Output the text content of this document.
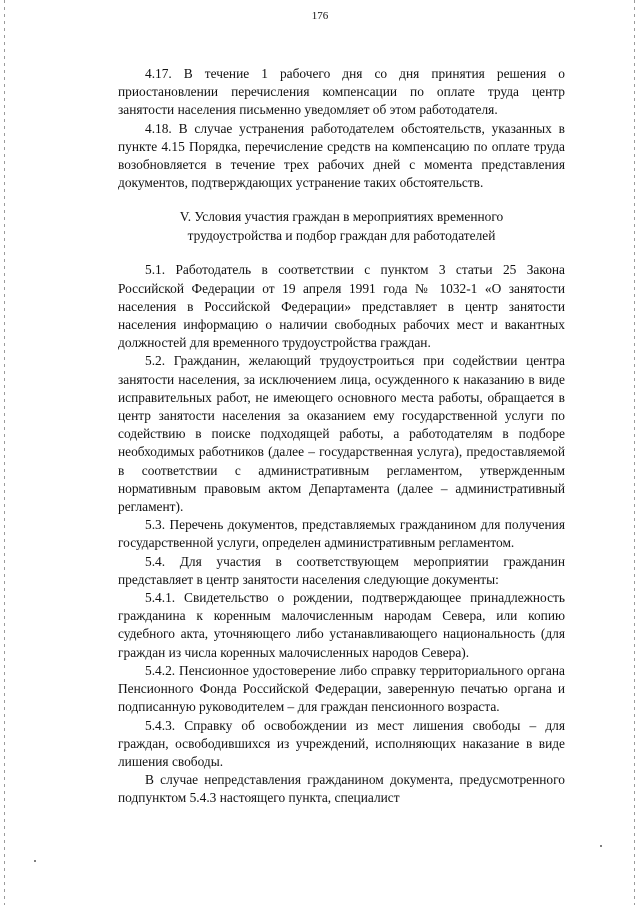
176

4.17. В течение 1 рабочего дня со дня принятия решения о приостановлении перечисления компенсации по оплате труда центр занятости населения письменно уведомляет об этом работодателя.

4.18. В случае устранения работодателем обстоятельств, указанных в пункте 4.15 Порядка, перечисление средств на компенсацию по оплате труда возобновляется в течение трех рабочих дней с момента представления документов, подтверждающих устранение таких обстоятельств.

V. Условия участия граждан в мероприятиях временного
трудоустройства и подбор граждан для работодателей

5.1. Работодатель в соответствии с пунктом 3 статьи 25 Закона Российской Федерации от 19 апреля 1991 года № 1032-1 «О занятости населения в Российской Федерации» представляет в центр занятости населения информацию о наличии свободных рабочих мест и вакантных должностей для временного трудоустройства граждан.

5.2. Гражданин, желающий трудоустроиться при содействии центра занятости населения, за исключением лица, осужденного к наказанию в виде исправительных работ, не имеющего основного места работы, обращается в центр занятости населения за оказанием ему государственной услуги по содействию в поиске подходящей работы, а работодателям в подборе необходимых работников (далее – государственная услуга), предоставляемой в соответствии с административным регламентом, утвержденным нормативным правовым актом Департамента (далее – административный регламент).

5.3. Перечень документов, представляемых гражданином для получения государственной услуги, определен административным регламентом.

5.4. Для участия в соответствующем мероприятии гражданин представляет в центр занятости населения следующие документы:

5.4.1. Свидетельство о рождении, подтверждающее принадлежность гражданина к коренным малочисленным народам Севера, или копию судебного акта, уточняющего либо устанавливающего национальность (для граждан из числа коренных малочисленных народов Севера).

5.4.2. Пенсионное удостоверение либо справку территориального органа Пенсионного Фонда Российской Федерации, заверенную печатью органа и подписанную руководителем – для граждан пенсионного возраста.

5.4.3. Справку об освобождении из мест лишения свободы – для граждан, освободившихся из учреждений, исполняющих наказание в виде лишения свободы.

В случае непредставления гражданином документа, предусмотренного подпунктом 5.4.3 настоящего пункта, специалист
